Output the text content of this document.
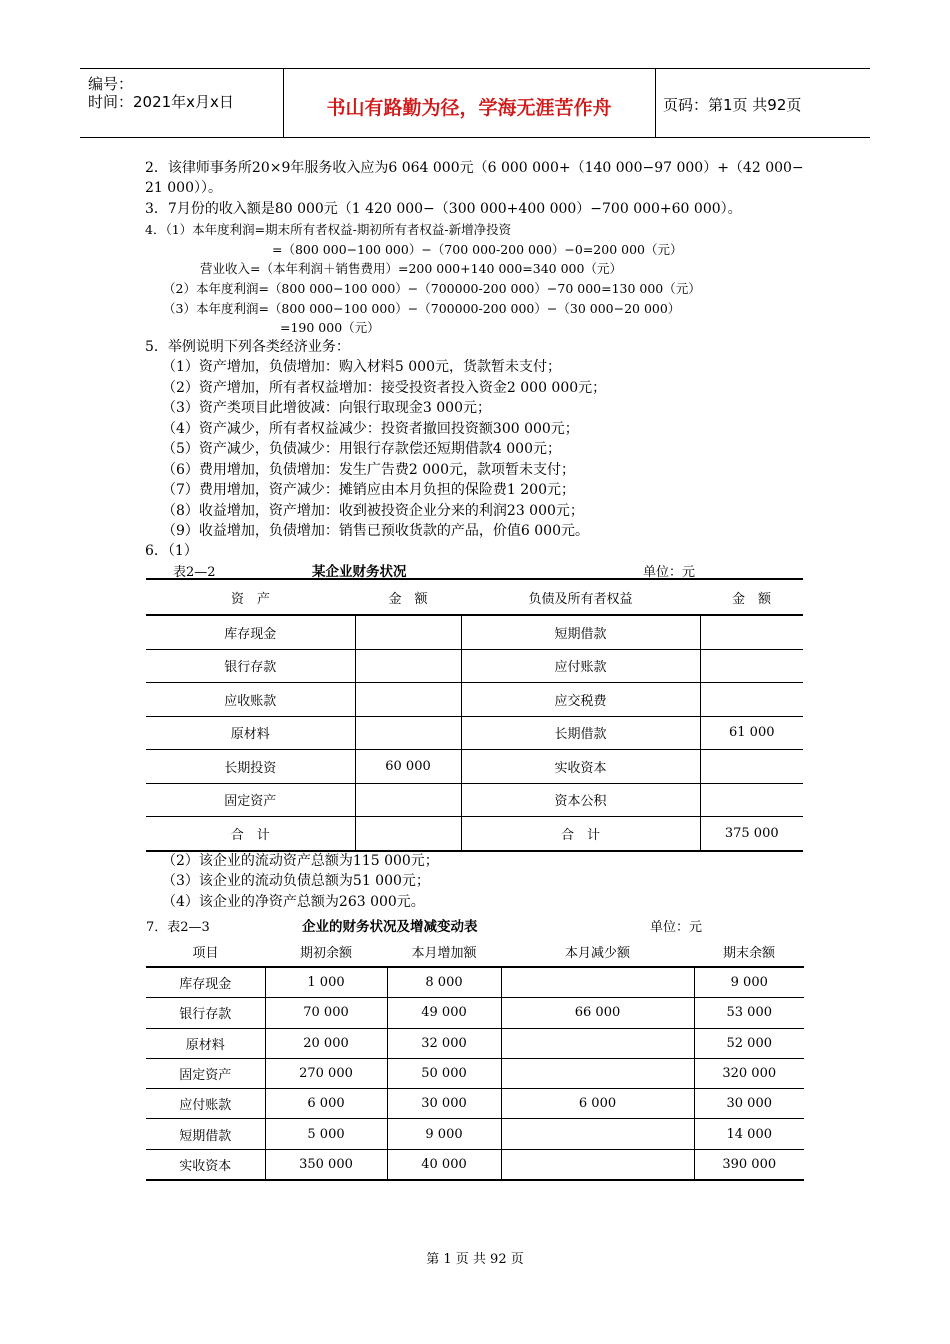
编号：
时间：2021年x月x日	书山有路勤为径，学海无涯苦作舟	页码：第1页 共92页
2．该律师事务所20×9年服务收入应为6 064 000元（6 000 000+（140 000−97 000）+（42 000−
21 000））。
3．7月份的收入额是80 000元（1 420 000−（300 000+400 000）−700 000+60 000）。
4．（1）本年度利润=期末所有者权益-期初所有者权益-新增净投资
=（800 000−100 000）−（700 000-200 000）−0=200 000（元）
营业收入=（本年利润＋销售费用）=200 000+140 000=340 000（元）
（2）本年度利润=（800 000−100 000）−（700000-200 000）−70 000=130 000（元）
（3）本年度利润=（800 000−100 000）−（700000-200 000）−（30 000−20 000）
=190 000（元）
5．举例说明下列各类经济业务：
（1）资产增加，负债增加：购入材料5 000元，货款暂未支付；
（2）资产增加，所有者权益增加：接受投资者投入资金2 000 000元；
（3）资产类项目此增彼减：向银行取现金3 000元；
（4）资产减少，所有者权益减少：投资者撤回投资额300 000元；
（5）资产减少，负债减少：用银行存款偿还短期借款4 000元；
（6）费用增加，负债增加：发生广告费2 000元，款项暂未支付；
（7）费用增加，资产减少：摊销应由本月负担的保险费1 200元；
（8）收益增加，资产增加：收到被投资企业分来的利润23 000元；
（9）收益增加，负债增加：销售已预收货款的产品，价值6 000元。
6．（1）
表2—2	某企业财务状况	单位：元
资　产	金　额	负债及所有者权益	金　额
库存现金		短期借款	
银行存款		应付账款	
应收账款		应交税费	
原材料		长期借款	61 000
长期投资	60 000	实收资本	
固定资产		资本公积	
合　计		合　计	375 000
（2）该企业的流动资产总额为115 000元；
（3）该企业的流动负债总额为51 000元；
（4）该企业的净资产总额为263 000元。
7．表2—3	企业的财务状况及增减变动表	单位：元
项目	期初余额	本月增加额	本月减少额	期末余额
库存现金	1 000	8 000		9 000
银行存款	70 000	49 000	66 000	53 000
原材料	20 000	32 000		52 000
固定资产	270 000	50 000		320 000
应付账款	6 000	30 000	6 000	30 000
短期借款	5 000	9 000		14 000
实收资本	350 000	40 000		390 000
第 1 页 共 92 页
